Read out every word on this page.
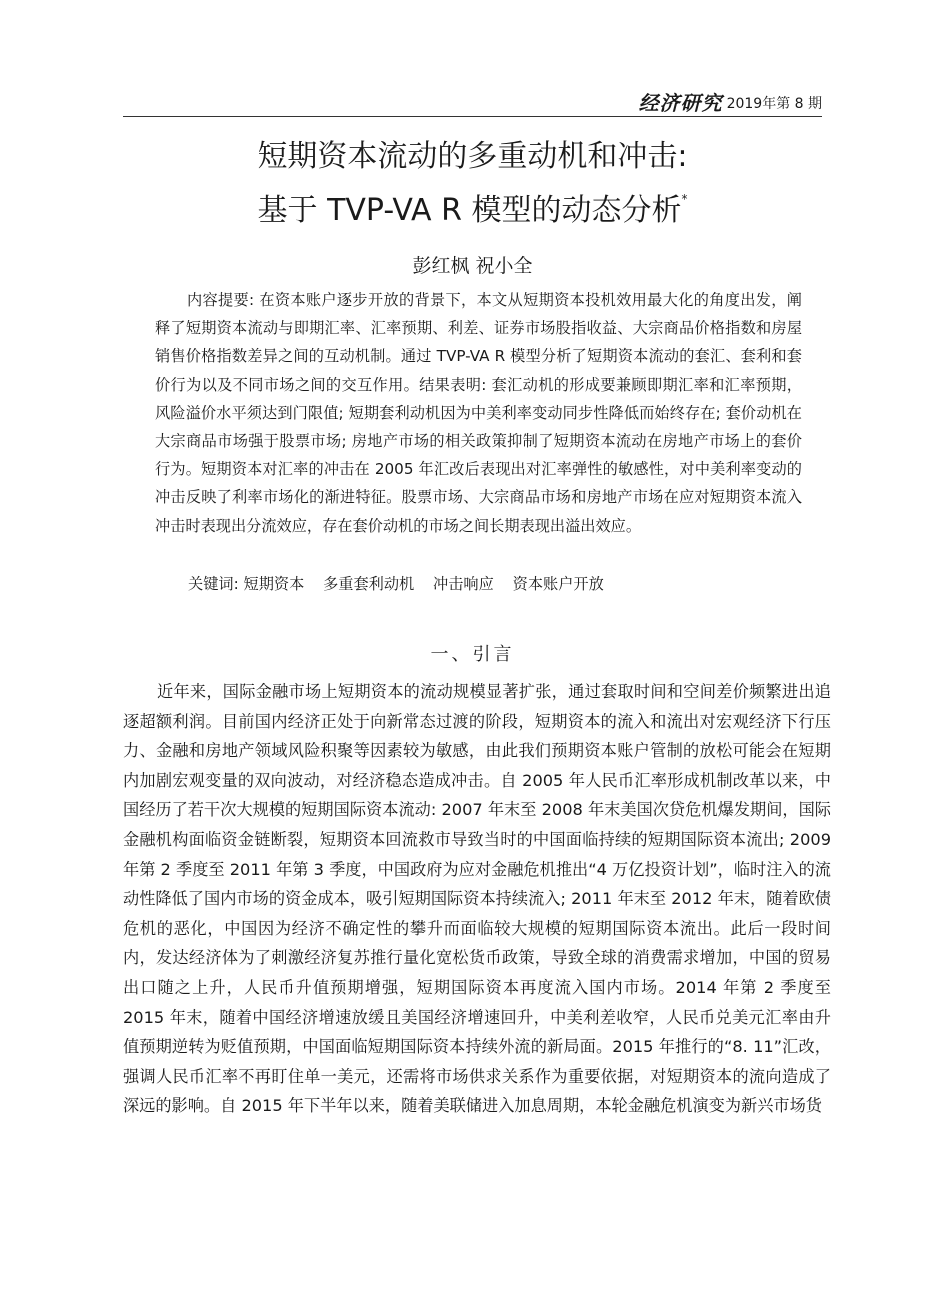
经济研究 2019年第 8 期
短期资本流动的多重动机和冲击:
基于 TVP-VA R 模型的动态分析*
彭红枫 祝小全

内容提要: 在资本账户逐步开放的背景下，本文从短期资本投机效用最大化的角度出发，阐释了短期资本流动与即期汇率、汇率预期、利差、证券市场股指收益、大宗商品价格指数和房屋销售价格指数差异之间的互动机制。通过 TVP-VA R 模型分析了短期资本流动的套汇、套利和套价行为以及不同市场之间的交互作用。结果表明: 套汇动机的形成要兼顾即期汇率和汇率预期，风险溢价水平须达到门限值; 短期套利动机因为中美利率变动同步性降低而始终存在; 套价动机在大宗商品市场强于股票市场; 房地产市场的相关政策抑制了短期资本流动在房地产市场上的套价行为。短期资本对汇率的冲击在 2005 年汇改后表现出对汇率弹性的敏感性，对中美利率变动的冲击反映了利率市场化的渐进特征。股票市场、大宗商品市场和房地产市场在应对短期资本流入冲击时表现出分流效应，存在套价动机的市场之间长期表现出溢出效应。

关键词: 短期资本 多重套利动机 冲击响应 资本账户开放
一、引言

近年来，国际金融市场上短期资本的流动规模显著扩张，通过套取时间和空间差价频繁进出追逐超额利润。目前国内经济正处于向新常态过渡的阶段，短期资本的流入和流出对宏观经济下行压力、金融和房地产领域风险积聚等因素较为敏感，由此我们预期资本账户管制的放松可能会在短期内加剧宏观变量的双向波动，对经济稳态造成冲击。自 2005 年人民币汇率形成机制改革以来，中国经历了若干次大规模的短期国际资本流动: 2007 年末至 2008 年末美国次贷危机爆发期间，国际金融机构面临资金链断裂，短期资本回流救市导致当时的中国面临持续的短期国际资本流出; 2009 年第 2 季度至 2011 年第 3 季度，中国政府为应对金融危机推出“4 万亿投资计划”，临时注入的流动性降低了国内市场的资金成本，吸引短期国际资本持续流入; 2011 年末至 2012 年末，随着欧债危机的恶化，中国因为经济不确定性的攀升而面临较大规模的短期国际资本流出。此后一段时间内，发达经济体为了刺激经济复苏推行量化宽松货币政策，导致全球的消费需求增加，中国的贸易出口随之上升，人民币升值预期增强，短期国际资本再度流入国内市场。2014 年第 2 季度至 2015 年末，随着中国经济增速放缓且美国经济增速回升，中美利差收窄，人民币兑美元汇率由升值预期逆转为贬值预期，中国面临短期国际资本持续外流的新局面。2015 年推行的“8. 11”汇改，强调人民币汇率不再盯住单一美元，还需将市场供求关系作为重要依据，对短期资本的流向造成了深远的影响。自 2015 年下半年以来，随着美联储进入加息周期，本轮金融危机演变为新兴市场货
